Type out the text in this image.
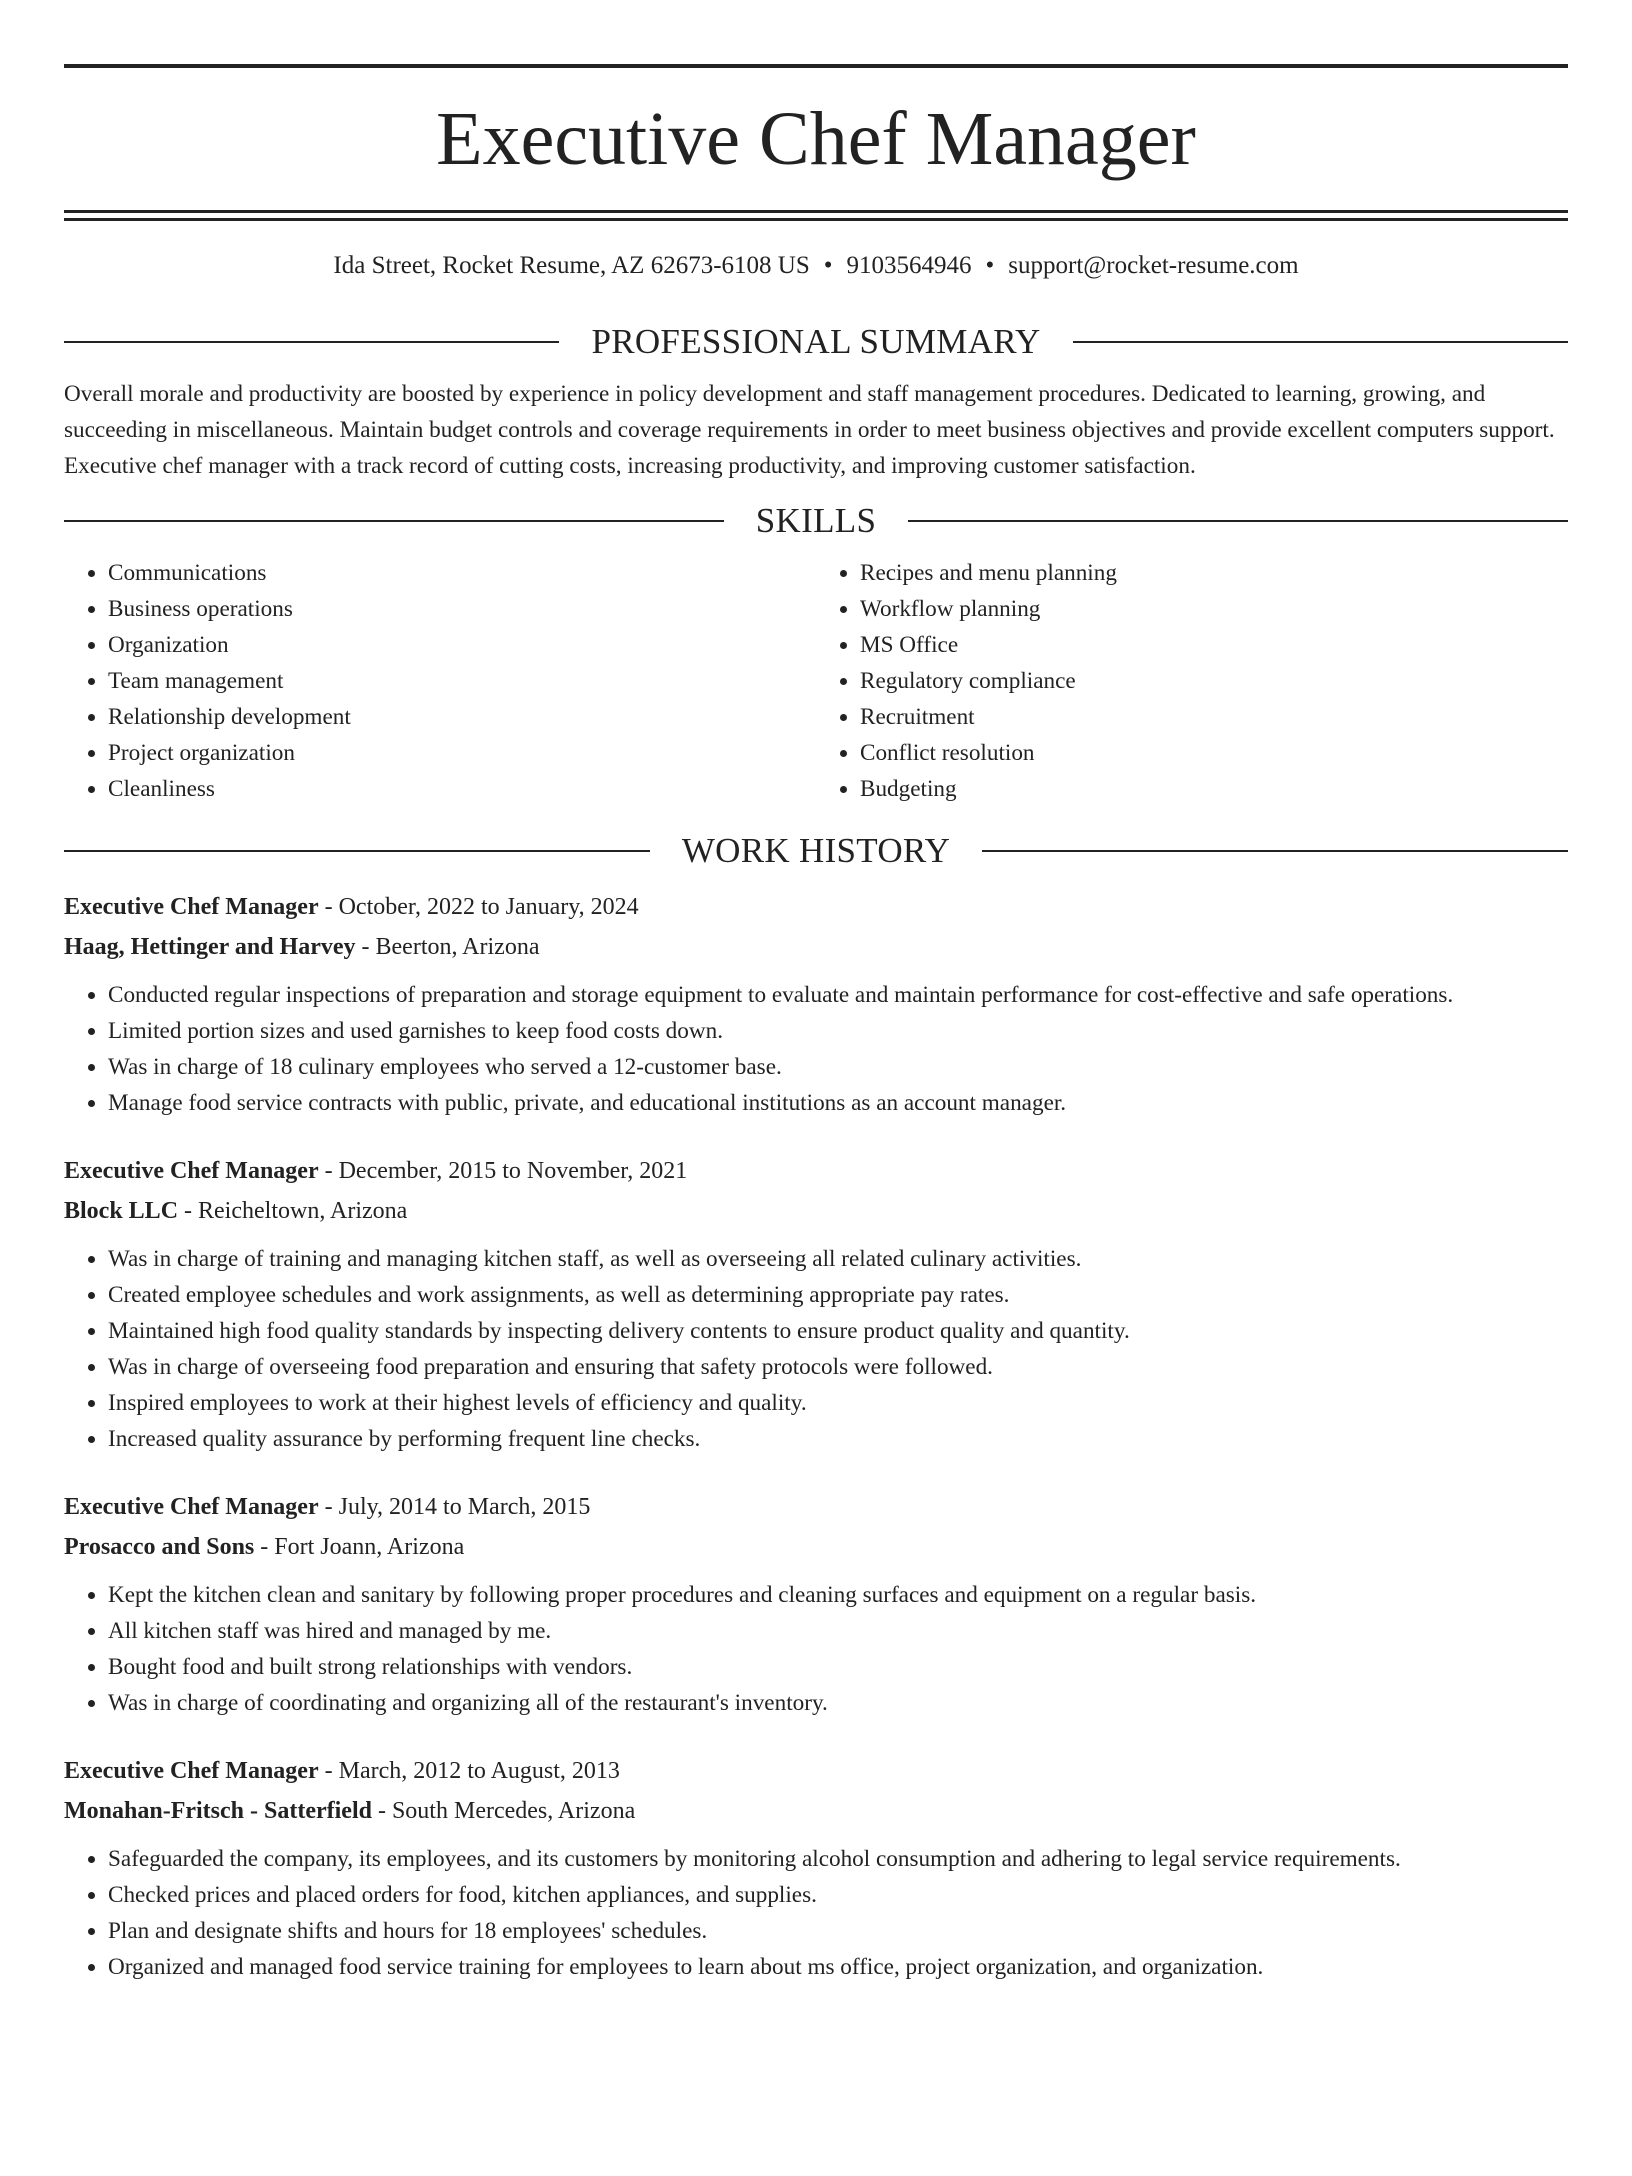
Executive Chef Manager
Ida Street, Rocket Resume, AZ 62673-6108 US • 9103564946 • support@rocket-resume.com
PROFESSIONAL SUMMARY

Overall morale and productivity are boosted by experience in policy development and staff management procedures. Dedicated to learning, growing, and succeeding in miscellaneous. Maintain budget controls and coverage requirements in order to meet business objectives and provide excellent computers support. Executive chef manager with a track record of cutting costs, increasing productivity, and improving customer satisfaction.

SKILLS
• Communications
• Business operations
• Organization
• Team management
• Relationship development
• Project organization
• Cleanliness
• Recipes and menu planning
• Workflow planning
• MS Office
• Regulatory compliance
• Recruitment
• Conflict resolution
• Budgeting
WORK HISTORY
Executive Chef Manager - October, 2022 to January, 2024
Haag, Hettinger and Harvey - Beerton, Arizona
• Conducted regular inspections of preparation and storage equipment to evaluate and maintain performance for cost-effective and safe operations.
• Limited portion sizes and used garnishes to keep food costs down.
• Was in charge of 18 culinary employees who served a 12-customer base.
• Manage food service contracts with public, private, and educational institutions as an account manager.
Executive Chef Manager - December, 2015 to November, 2021
Block LLC - Reicheltown, Arizona
• Was in charge of training and managing kitchen staff, as well as overseeing all related culinary activities.
• Created employee schedules and work assignments, as well as determining appropriate pay rates.
• Maintained high food quality standards by inspecting delivery contents to ensure product quality and quantity.
• Was in charge of overseeing food preparation and ensuring that safety protocols were followed.
• Inspired employees to work at their highest levels of efficiency and quality.
• Increased quality assurance by performing frequent line checks.
Executive Chef Manager - July, 2014 to March, 2015
Prosacco and Sons - Fort Joann, Arizona
• Kept the kitchen clean and sanitary by following proper procedures and cleaning surfaces and equipment on a regular basis.
• All kitchen staff was hired and managed by me.
• Bought food and built strong relationships with vendors.
• Was in charge of coordinating and organizing all of the restaurant's inventory.
Executive Chef Manager - March, 2012 to August, 2013
Monahan-Fritsch - Satterfield - South Mercedes, Arizona
• Safeguarded the company, its employees, and its customers by monitoring alcohol consumption and adhering to legal service requirements.
• Checked prices and placed orders for food, kitchen appliances, and supplies.
• Plan and designate shifts and hours for 18 employees' schedules.
• Organized and managed food service training for employees to learn about ms office, project organization, and organization.
